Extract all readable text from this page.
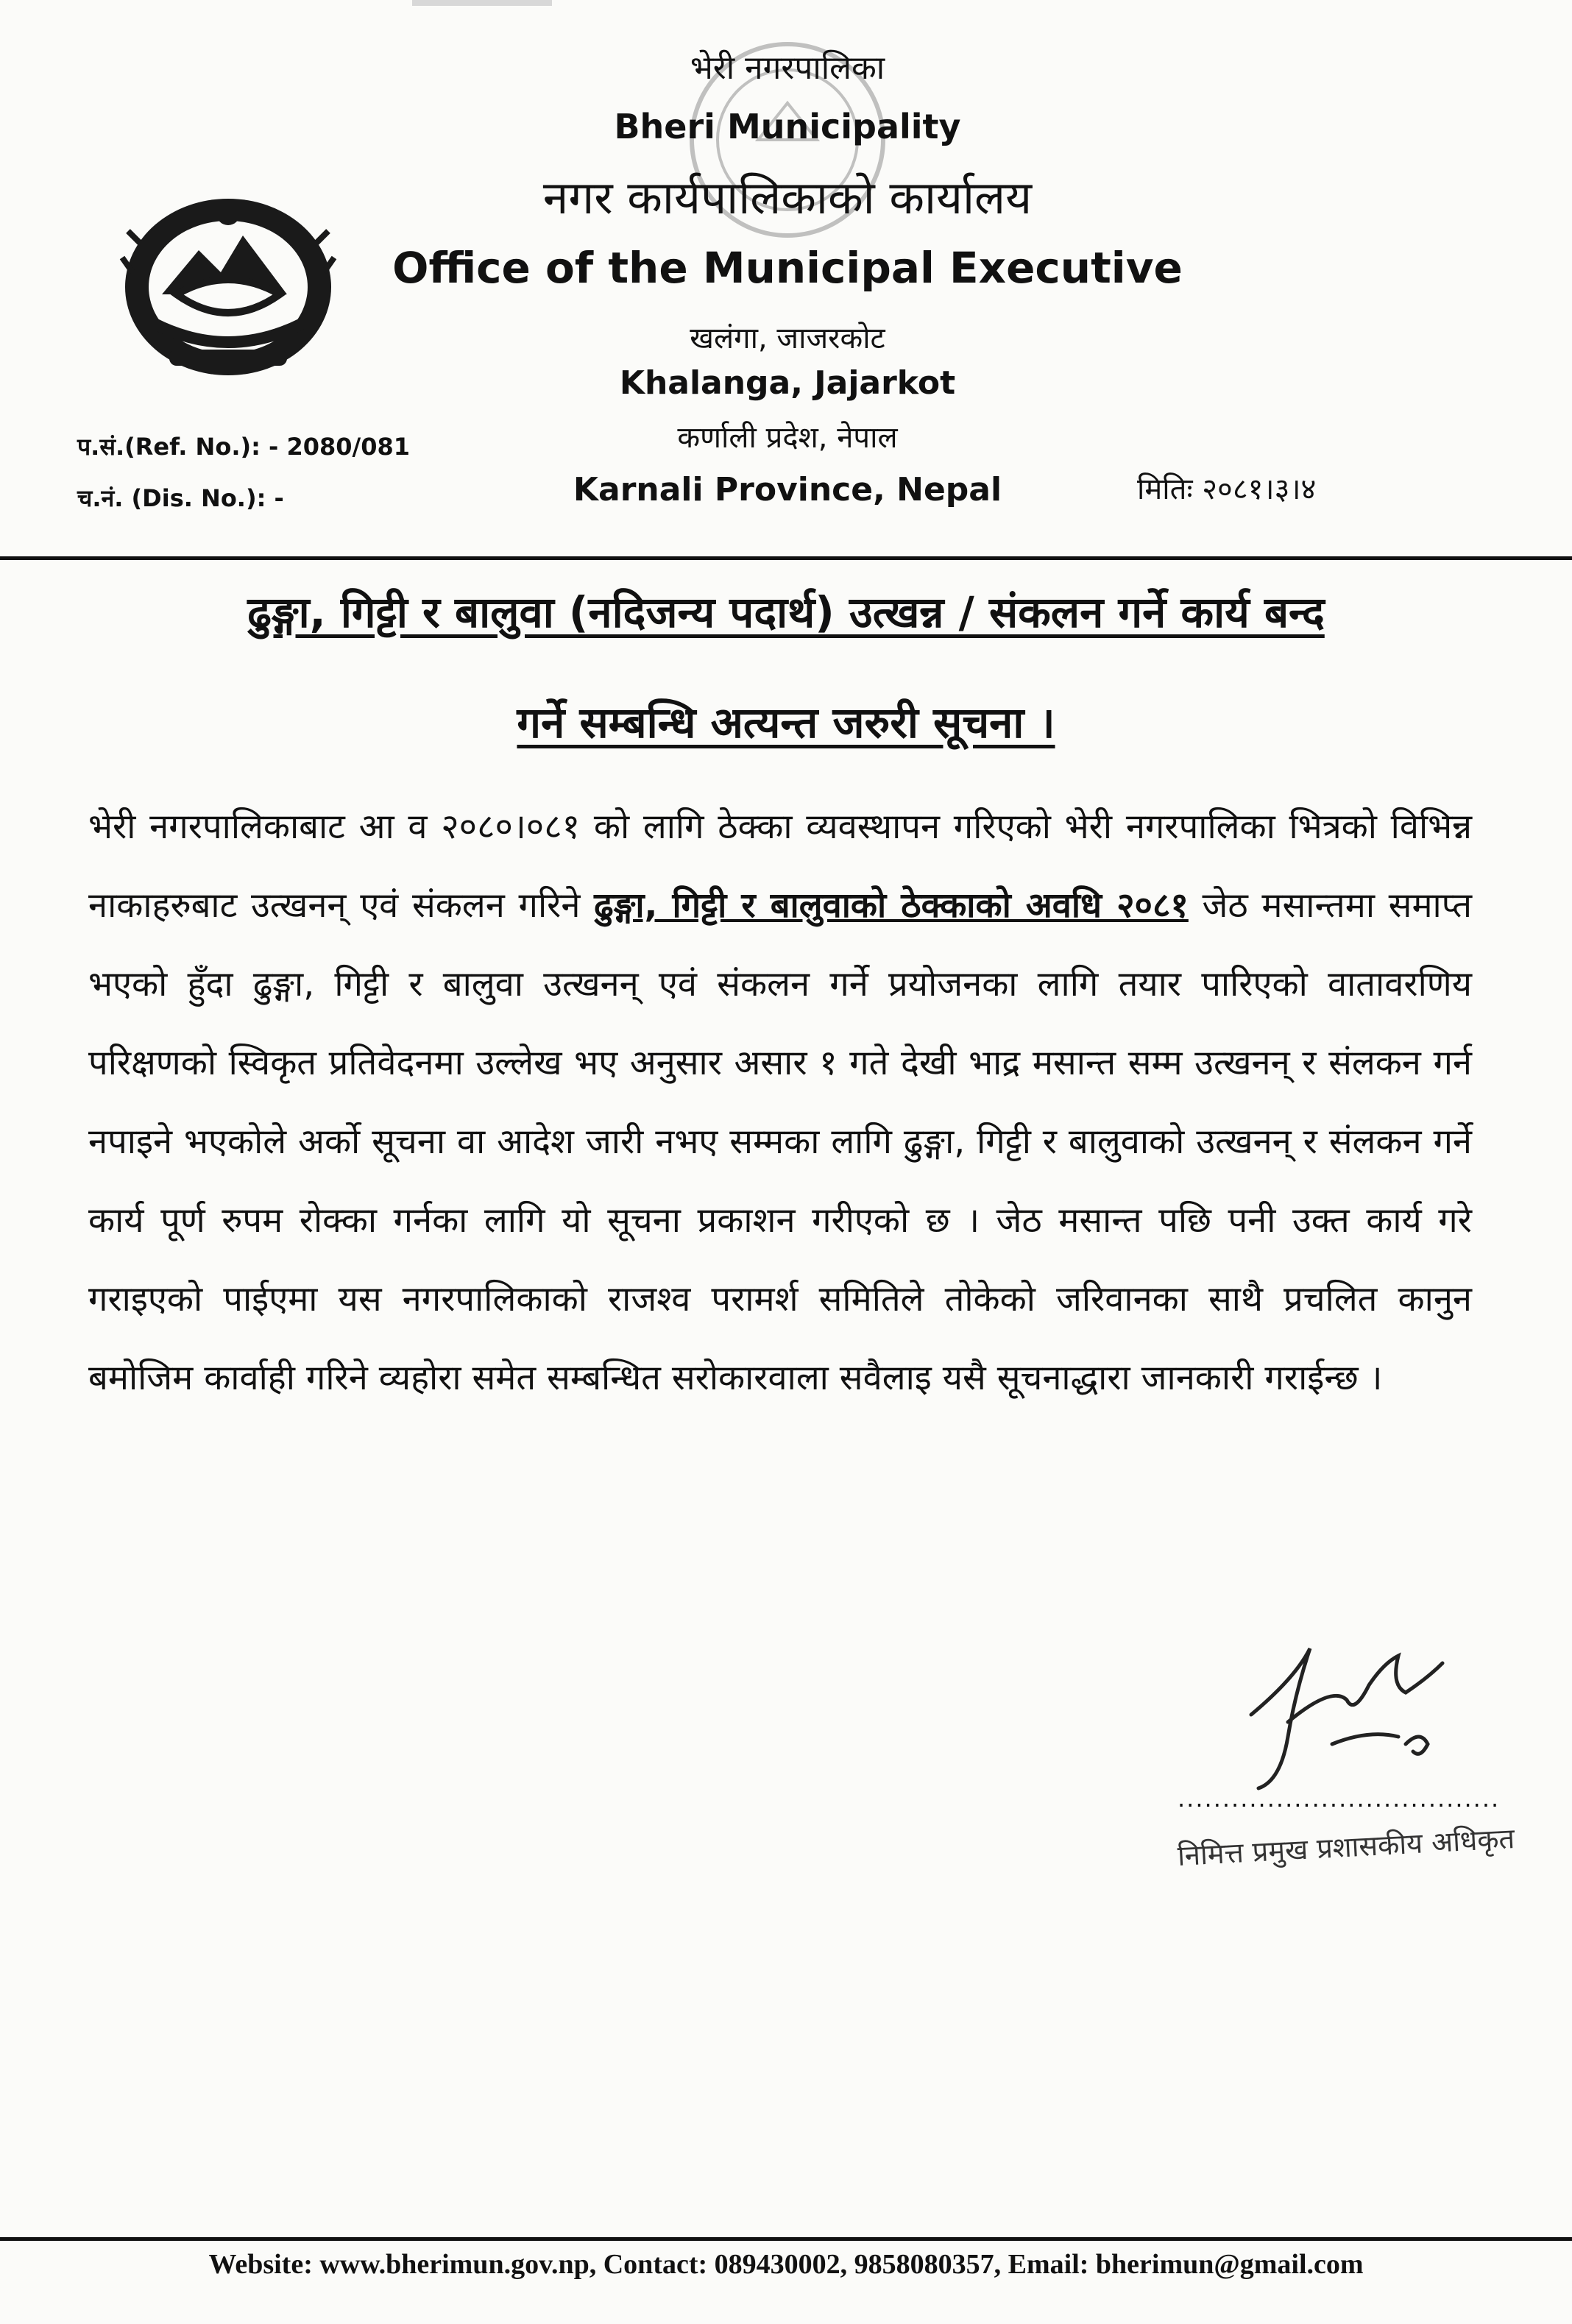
भेरी नगरपालिका
Bheri Municipality
नगर कार्यपालिकाको कार्यालय
Office of the Municipal Executive
खलंगा, जाजरकोट
Khalanga, Jajarkot
कर्णाली प्रदेश, नेपाल
Karnali Province, Nepal
प.सं.(Ref. No.): - 2080/081
च.नं. (Dis. No.): -	मितिः २०८१।३।४
ढुङ्गा, गिट्टी र बालुवा (नदिजन्य पदार्थ) उत्खन्न / संकलन गर्ने कार्य बन्द
गर्ने सम्बन्धि अत्यन्त जरुरी सूचना ।
भेरी नगरपालिकाबाट आ व २०८०।०८१ को लागि ठेक्का व्यवस्थापन गरिएको भेरी नगरपालिका भित्रको विभिन्न नाकाहरुबाट उत्खनन् एवं संकलन गरिने ढुङ्गा, गिट्टी र बालुवाको ठेक्काको अवधि २०८१ जेठ मसान्तमा समाप्त भएको हुँदा ढुङ्गा, गिट्टी र बालुवा उत्खनन् एवं संकलन गर्ने प्रयोजनका लागि तयार पारिएको वातावरणिय परिक्षणको स्विकृत प्रतिवेदनमा उल्लेख भए अनुसार असार १ गते देखी भाद्र मसान्त सम्म उत्खनन् र संलकन गर्न नपाइने भएकोले अर्को सूचना वा आदेश जारी नभए सम्मका लागि ढुङ्गा, गिट्टी र बालुवाको उत्खनन् र संलकन गर्ने कार्य पूर्ण रुपम रोक्का गर्नका लागि यो सूचना प्रकाशन गरीएको छ । जेठ मसान्त पछि पनी उक्त कार्य गरे गराइएको पाईएमा यस नगरपालिकाको राजश्व परामर्श समितिले तोकेको जरिवानका साथै प्रचलित कानुन बमोजिम कार्वाही गरिने व्यहोरा समेत सम्बन्धित सरोकारवाला सवैलाइ यसै सूचनाद्धारा जानकारी गराईन्छ ।
....................................
निमित्त प्रमुख प्रशासकीय अधिकृत
Website: www.bherimun.gov.np, Contact: 089430002, 9858080357, Email: bherimun@gmail.com
